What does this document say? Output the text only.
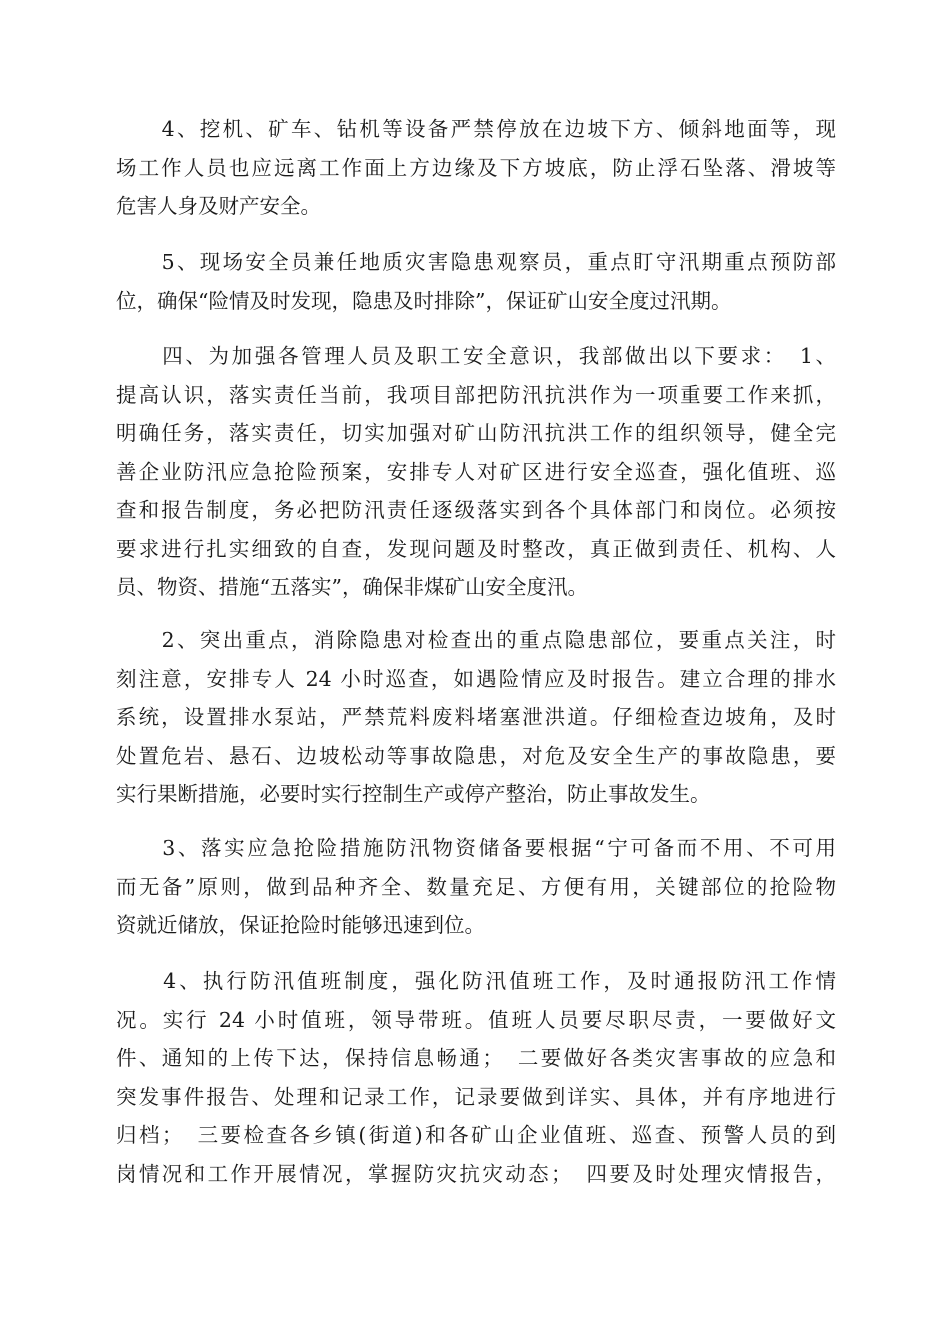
　　4、挖机、矿车、钻机等设备严禁停放在边坡下方、倾斜地面等，现
场工作人员也应远离工作面上方边缘及下方坡底，防止浮石坠落、滑坡等
危害人身及财产安全。
　　5、现场安全员兼任地质灾害隐患观察员，重点盯守汛期重点预防部
位，确保“险情及时发现，隐患及时排除”，保证矿山安全度过汛期。
　　四、为加强各管理人员及职工安全意识，我部做出以下要求：　1、
提高认识，落实责任当前，我项目部把防汛抗洪作为一项重要工作来抓，
明确任务，落实责任，切实加强对矿山防汛抗洪工作的组织领导，健全完
善企业防汛应急抢险预案，安排专人对矿区进行安全巡查，强化值班、巡
查和报告制度，务必把防汛责任逐级落实到各个具体部门和岗位。必须按
要求进行扎实细致的自查，发现问题及时整改，真正做到责任、机构、人
员、物资、措施“五落实”，确保非煤矿山安全度汛。
　　2、突出重点，消除隐患对检查出的重点隐患部位，要重点关注，时
刻注意，安排专人 24 小时巡查，如遇险情应及时报告。建立合理的排水
系统，设置排水泵站，严禁荒料废料堵塞泄洪道。仔细检查边坡角，及时
处置危岩、悬石、边坡松动等事故隐患，对危及安全生产的事故隐患，要
实行果断措施，必要时实行控制生产或停产整治，防止事故发生。
　　3、落实应急抢险措施防汛物资储备要根据“宁可备而不用、不可用
而无备”原则，做到品种齐全、数量充足、方便有用，关键部位的抢险物
资就近储放，保证抢险时能够迅速到位。
　　4、执行防汛值班制度，强化防汛值班工作，及时通报防汛工作情
况。实行 24 小时值班，领导带班。值班人员要尽职尽责，一要做好文
件、通知的上传下达，保持信息畅通；　二要做好各类灾害事故的应急和
突发事件报告、处理和记录工作，记录要做到详实、具体，并有序地进行
归档；　三要检查各乡镇(街道)和各矿山企业值班、巡查、预警人员的到
岗情况和工作开展情况，掌握防灾抗灾动态；　四要及时处理灾情报告，
